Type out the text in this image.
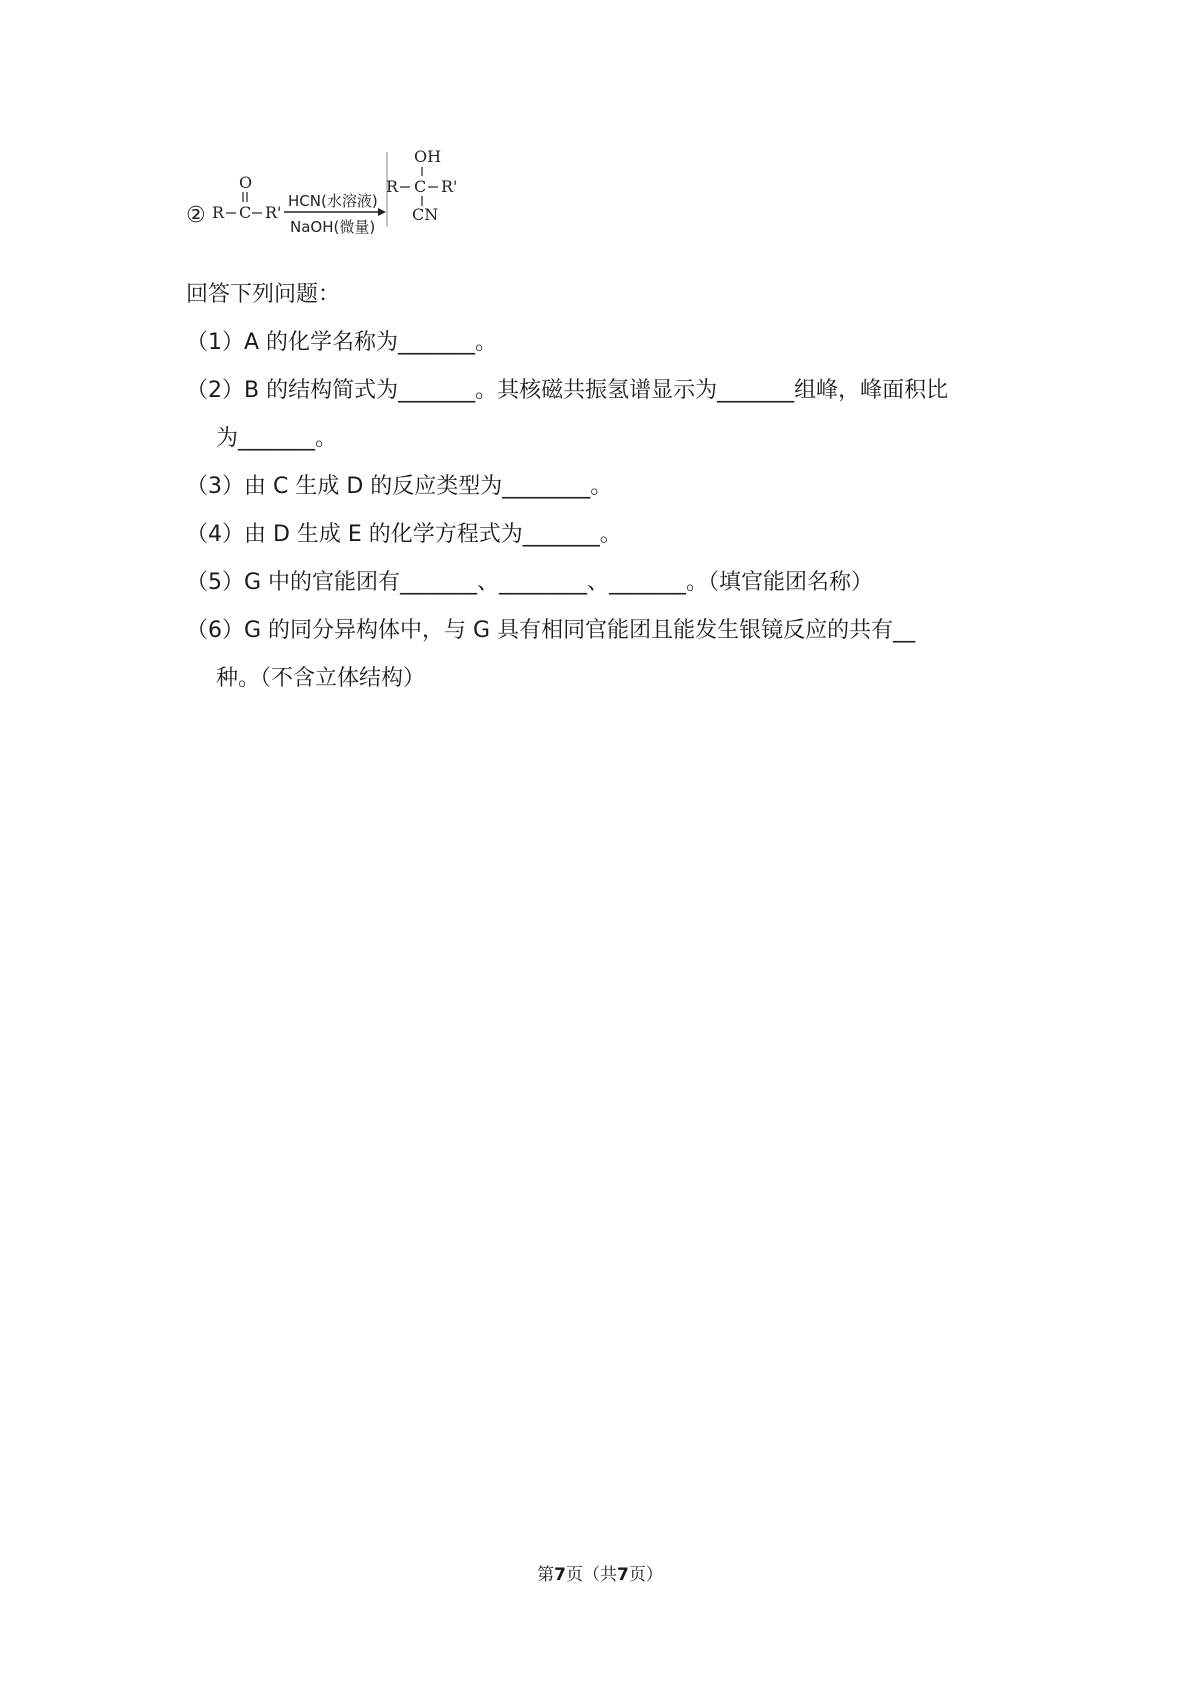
② R C R'
O
HCN(水溶液)
NaOH(微量)
OH
R C R'
CN
回答下列问题：
（1）A 的化学名称为_______。
（2）B 的结构简式为_______。其核磁共振氢谱显示为_______组峰，峰面积比
为_______。
（3）由 C 生成 D 的反应类型为________。
（4）由 D 生成 E 的化学方程式为_______。
（5）G 中的官能团有_______、________、_______。（填官能团名称）
（6）G 的同分异构体中，与 G 具有相同官能团且能发生银镜反应的共有__
种。（不含立体结构）
第7页（共7页）
